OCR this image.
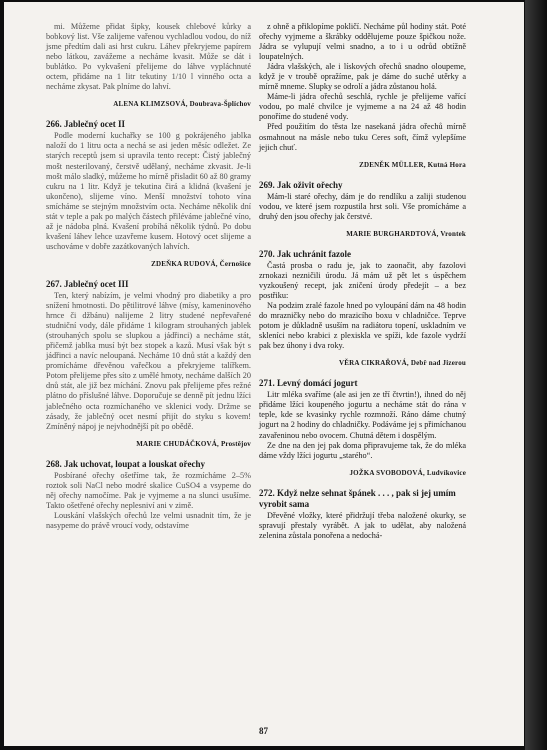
mi. Můžeme přidat šipky, kousek chlebové kůrky a bobkový list. Vše zalijeme vařenou vychladlou vodou, do níž jsme předtím dali asi hrst cukru. Láhev překryjeme papírem nebo látkou, zavážeme a necháme kvasit. Může se dát i bublátko. Po vykvašení přelijeme do láhve vypláchnuté octem, přidáme na 1 litr tekutiny 1/10 l vinného octa a necháme zkysat. Pak plníme do lahví.

ALENA KLIMZSOVÁ, Doubrava-Šplíchov

266. Jablečný ocet II

Podle moderní kuchařky se 100 g pokrájeného jablka naloží do 1 litru octa a nechá se asi jeden měsíc odležet. Ze starých receptů jsem si upravila tento recept: Čistý jablečný mošt nesterilovaný, čerstvě udělaný, necháme zkvasit. Je-li mošt málo sladký, můžeme ho mírně přisladit 60 až 80 gramy cukru na 1 litr. Když je tekutina čirá a klidná (kvašení je ukončeno), slijeme víno. Menší množství tohoto vína smícháme se stejným množstvím octa. Necháme několik dní stát v teple a pak po malých částech přiléváme jablečné víno, až je nádoba plná. Kvašení probíhá několik týdnů. Po dobu kvašení láhev lehce uzavřeme kusem. Hotový ocet slijeme a uschováme v dobře zazátkovaných lahvích.

ZDEŇKA RUDOVÁ, Černošice

267. Jablečný ocet III

Ten, který nabízím, je velmi vhodný pro diabetiky a pro snížení hmotnosti. Do pětilitrové láhve (mísy, kameninového hrnce či džbánu) nalijeme 2 litry studené nepřevařené studniční vody, dále přidáme 1 kilogram strouhaných jablek (strouhaných spolu se slupkou a jádřinci) a necháme stát, přičemž jablka musí být bez stopek a kazů. Musí však být s jádřinci a navíc neloupaná. Necháme 10 dnů stát a každý den promícháme dřevěnou vařečkou a překryjeme talířkem. Potom přelijeme přes síto z umělé hmoty, necháme dalších 20 dnů stát, ale již bez míchání. Znovu pak přelijeme přes režné plátno do příslušné láhve. Doporučuje se denně pít jednu lžíci jablečného octa rozmíchaného ve sklenici vody. Držme se zásady, že jablečný ocet nesmí přijít do styku s kovem! Zmíněný nápoj je nejvhodnější pít po obědě.

MARIE CHUDÁČKOVÁ, Prostějov

268. Jak uchovat, loupat a louskat ořechy

Posbírané ořechy ošetříme tak, že rozmícháme 2–5% roztok soli NaCl nebo modré skalice CuSO4 a vsypeme do něj ořechy namočíme. Pak je vyjmeme a na slunci usušíme. Takto ošetřené ořechy neplesniví ani v zimě.

Louskání vlašských ořechů lze velmi usnadnit tím, že je nasypeme do právě vroucí vody, odstavíme

z ohně a přiklopíme pokličí. Necháme půl hodiny stát. Poté ořechy vyjmeme a škrábky oddělujeme pouze špičkou nože. Jádra se vylupují velmi snadno, a to i u odrůd obtížně loupatelných.

Jádra vlašských, ale i lískových ořechů snadno oloupeme, když je v troubě opražíme, pak je dáme do suché utěrky a mírně mneme. Slupky se odrolí a jádra zůstanou holá.

Máme-li jádra ořechů seschlá, rychle je přelijeme vařící vodou, po malé chvilce je vyjmeme a na 24 až 48 hodin ponoříme do studené vody.

Před použitím do těsta lze nasekaná jádra ořechů mírně osmahnout na másle nebo tuku Ceres soft, čímž vylepšíme jejich chuť.

ZDENĚK MÜLLER, Kutná Hora

269. Jak oživit ořechy

Mám-li staré ořechy, dám je do rendlíku a zaliji studenou vodou, ve které jsem rozpustila hrst soli. Vše promícháme a druhý den jsou ořechy jak čerstvé.

MARIE BURGHARDTOVÁ, Vrontek

270. Jak uchránit fazole

Častá prosba o radu je, jak to zaonačit, aby fazolovi zrnokazi nezničili úrodu. Já mám už pět let s úspěchem vyzkoušený recept, jak zničení úrody předejít – a bez postřiku:

Na podzim zralé fazole hned po vyloupání dám na 48 hodin do mrazničky nebo do mrazicího boxu v chladničce. Teprve potom je důkladně usuším na radiátoru topení, uskladním ve skleníci nebo krabici z plexiskla ve spíži, kde fazole vydrží pak bez úhony i dva roky.

VĚRA CIKRAŘOVÁ, Debř nad Jizerou

271. Levný domácí jogurt

Litr mléka svaříme (ale asi jen ze tří čtvrtin!), ihned do něj přidáme lžíci koupeného jogurtu a necháme stát do rána v teple, kde se kvasinky rychle rozmnoží. Ráno dáme chutný jogurt na 2 hodiny do chladničky. Podáváme jej s přimíchanou zavařeninou nebo ovocem. Chutná dětem i dospělým.

Ze dne na den jej pak doma připravujeme tak, že do mléka dáme vždy lžíci jogurtu „starého“.

JOŽKA SVOBODOVÁ, Ludvíkovice

272. Když nelze sehnat špánek . . . , pak si jej umím vyrobit sama

Dřevěné vložky, které přidržují třeba naložené okurky, se spravují přestaly vyrábět. A jak to udělat, aby naložená zelenina zůstala ponořena a nedochá-

87
